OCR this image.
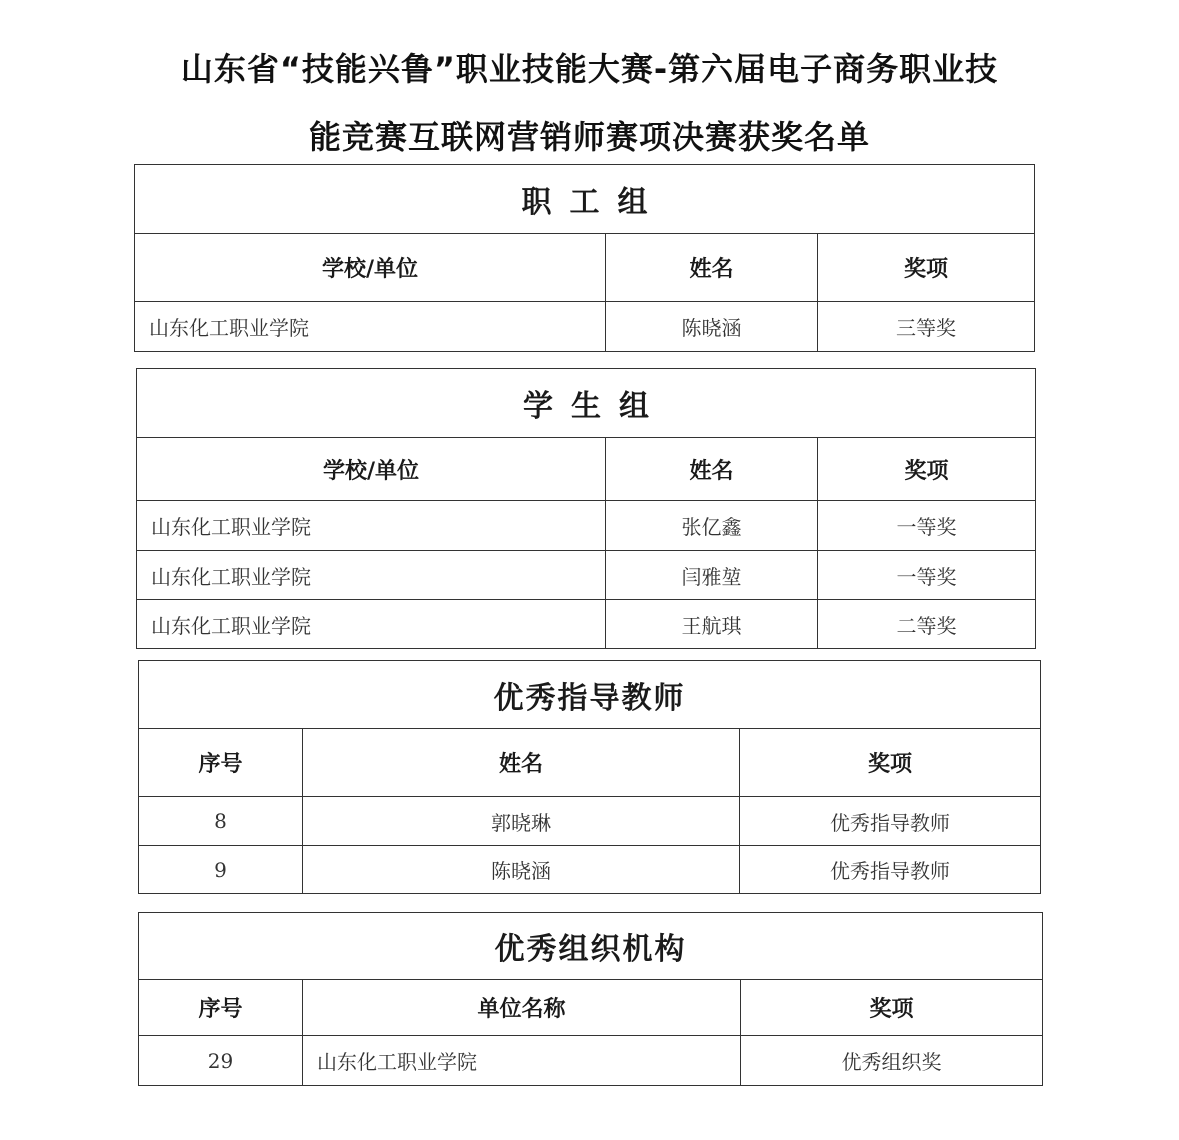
山东省“技能兴鲁”职业技能大赛-第六届电子商务职业技
能竞赛互联网营销师赛项决赛获奖名单
职工组		
学校/单位	姓名	奖项
山东化工职业学院	陈晓涵	三等奖
学生组		
学校/单位	姓名	奖项
山东化工职业学院	张亿鑫	一等奖
山东化工职业学院	闫雅堃	一等奖
山东化工职业学院	王航琪	二等奖
优秀指导教师		
序号	姓名	奖项
8	郭晓琳	优秀指导教师
9	陈晓涵	优秀指导教师
优秀组织机构		
序号	单位名称	奖项
29	山东化工职业学院	优秀组织奖
